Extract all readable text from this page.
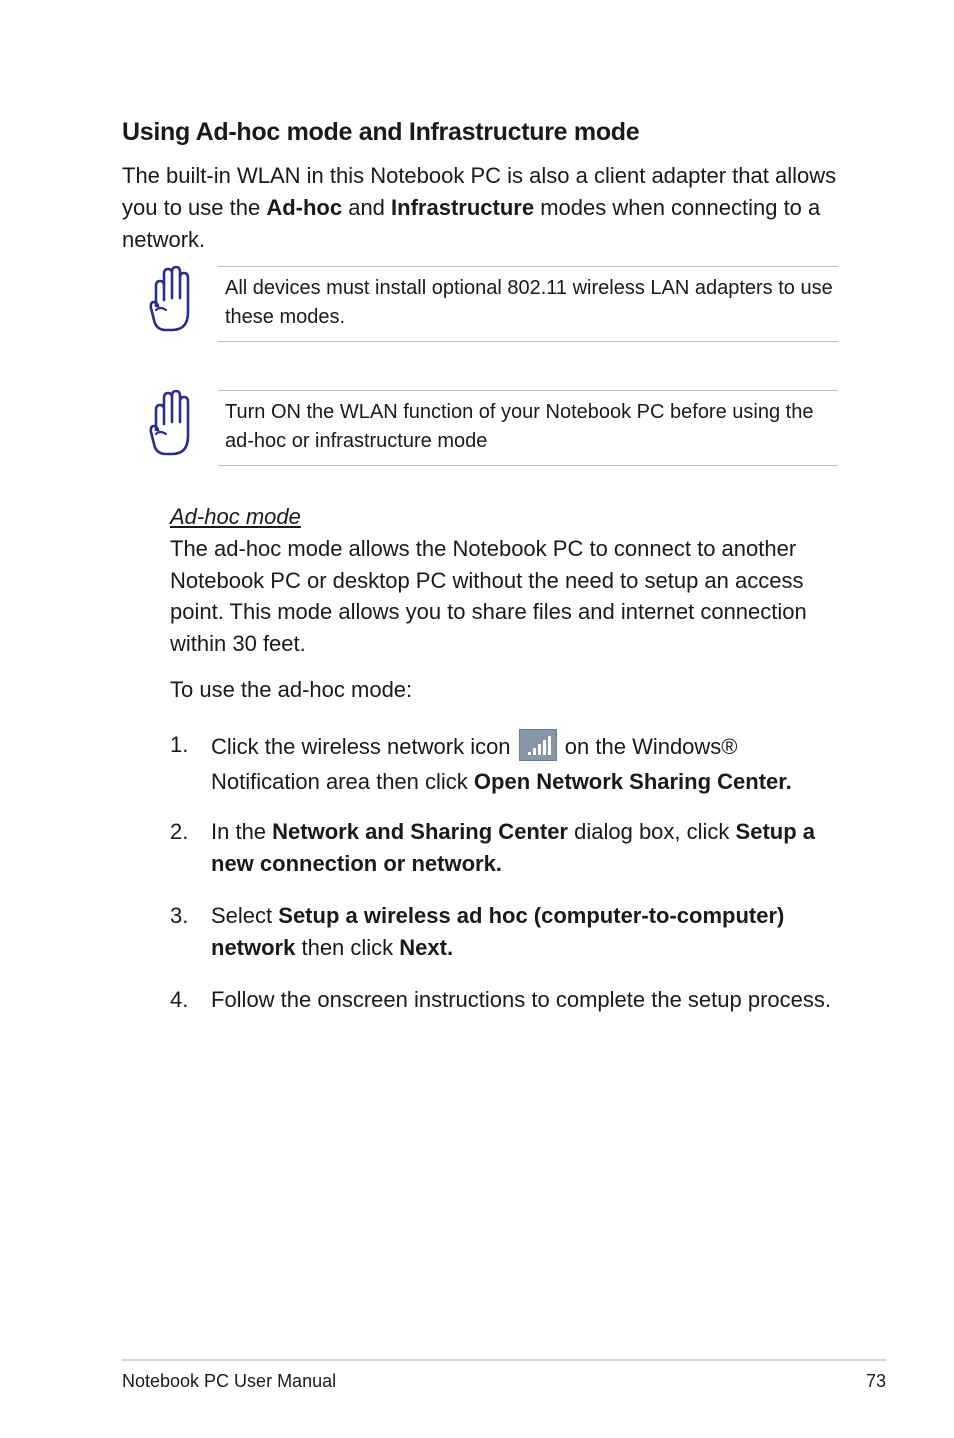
Using Ad-hoc mode and Infrastructure mode

The built-in WLAN in this Notebook PC is also a client adapter that allows you to use the Ad-hoc and Infrastructure modes when connecting to a network.

All devices must install optional 802.11 wireless LAN adapters to use these modes.

Turn ON the WLAN function of your Notebook PC before using the ad-hoc or infrastructure mode

Ad-hoc mode

The ad-hoc mode allows the Notebook PC to connect to another Notebook PC or desktop PC without the need to setup an access point. This mode allows you to share files and internet connection within 30 feet.

To use the ad-hoc mode:

1.	Click the wireless network icon
on the Windows® Notification area then click Open Network Sharing Center.

2.	In the Network and Sharing Center dialog box, click Setup a new connection or network.

3.	Select Setup a wireless ad hoc (computer-to-computer) network then click Next.

4.	Follow the onscreen instructions to complete the setup process.

Notebook PC User Manual	73
